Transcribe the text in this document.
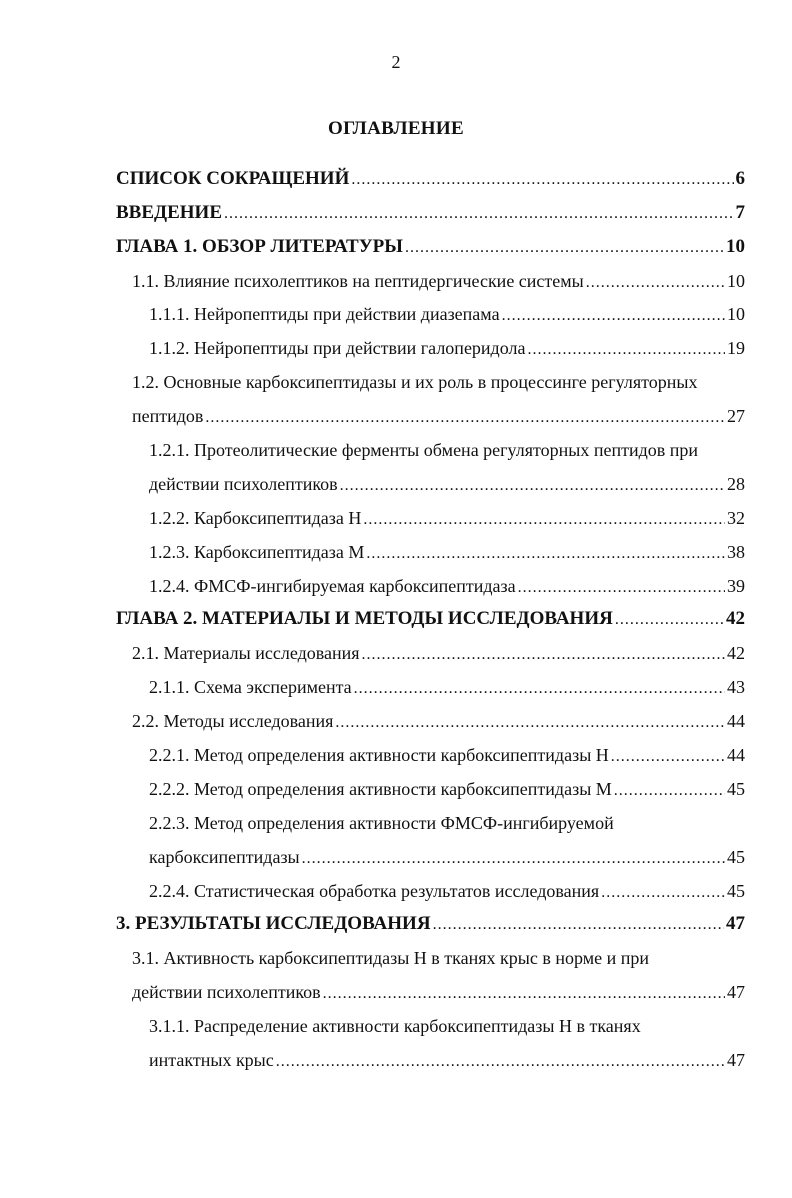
2
ОГЛАВЛЕНИЕ
СПИСОК СОКРАЩЕНИЙ .....	6
ВВЕДЕНИЕ .....	7
ГЛАВА 1. ОБЗОР ЛИТЕРАТУРЫ .....	10
1.1. Влияние психолептиков на пептидергические системы .....	10
1.1.1. Нейропептиды при действии диазепама .....	10
1.1.2. Нейропептиды при действии галоперидола .....	19
1.2. Основные карбоксипептидазы и их роль в процессинге регуляторных
пептидов .....	27
1.2.1. Протеолитические ферменты обмена регуляторных пептидов при
действии психолептиков .....	28
1.2.2. Карбоксипептидаза Н .....	32
1.2.3. Карбоксипептидаза М .....	38
1.2.4. ФМСФ-ингибируемая карбоксипептидаза .....	39
ГЛАВА 2. МАТЕРИАЛЫ И МЕТОДЫ ИССЛЕДОВАНИЯ .....	42
2.1. Материалы исследования .....	42
2.1.1. Схема эксперимента .....	43
2.2. Методы исследования .....	44
2.2.1. Метод определения активности карбоксипептидазы Н .....	44
2.2.2. Метод определения активности карбоксипептидазы М .....	45
2.2.3. Метод определения активности ФМСФ-ингибируемой
карбоксипептидазы .....	45
2.2.4. Статистическая обработка результатов исследования .....	45
3. РЕЗУЛЬТАТЫ ИССЛЕДОВАНИЯ .....	47
3.1. Активность карбоксипептидазы Н в тканях крыс в норме и при
действии психолептиков .....	47
3.1.1. Распределение активности карбоксипептидазы Н в тканях
интактных крыс .....	47
